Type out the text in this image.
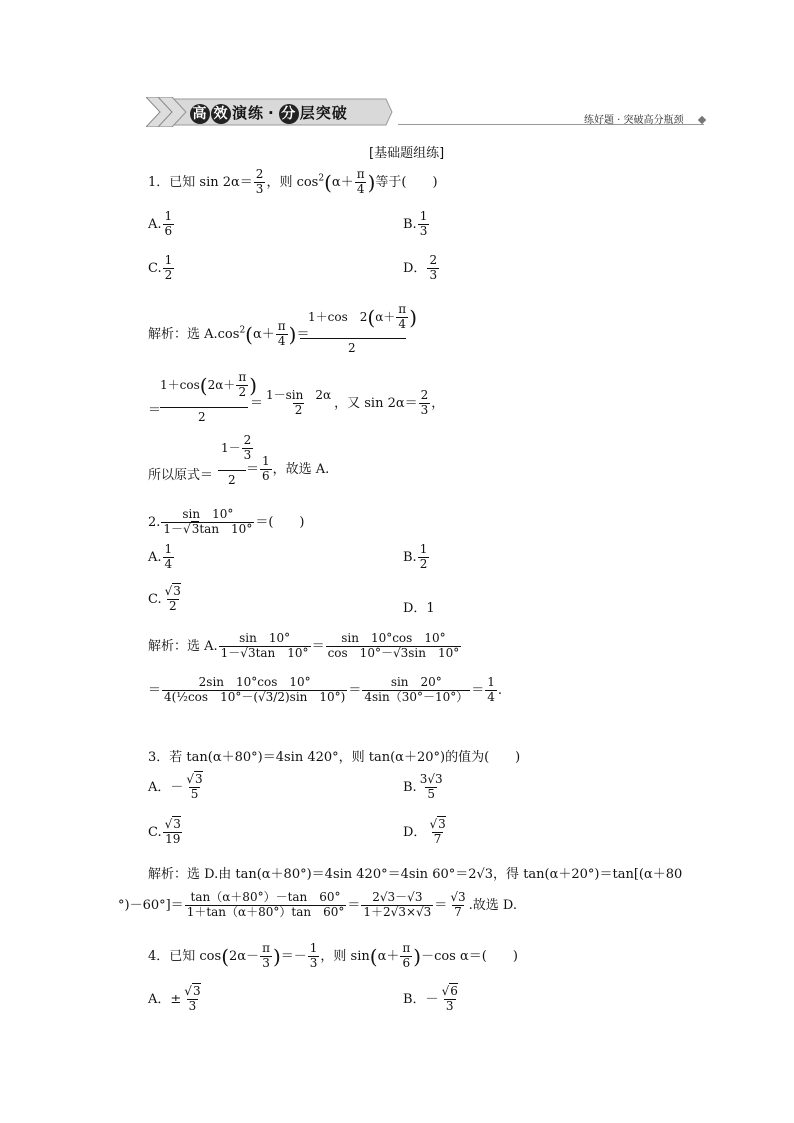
高 效 演练 · 分 层突破	练好题 · 突破高分瓶颈
[基础题组练]
1．已知 $\sin 2\alpha= \frac{2}{3}$ ，则 $\cos^2(\alpha+ \frac{\pi}{4}$ )等于(　　)
A. $\frac{1}{6}$	B. $\frac{1}{3}$
C. $\frac{1}{2}$	D． $\frac{2}{3}$
解析：选 $A.\cos^2(\alpha+ \frac{\pi}{4}$ )＝
1＋cos　$2(\alpha+ \frac{\pi}{4}$ )
2
$1+\cos(2\alpha+ \frac{\pi}{2}$ )
＝	2
＝ $\frac{1-\sin 2\alpha}{2}$ ，又 $\sin 2\alpha= \frac{2}{3}$ ，
所以原式＝
$1- \frac{2}{3}$
2
＝ $\frac{1}{6}$ ，故选 A.
2. $\frac{\sin 10^\circ}{1-√3\tan 10^\circ}$ ＝(　　)
A. $\frac{1}{4}$	B. $\frac{1}{2}$
C. $\frac{√3}{2}$	D．1
解析：选 A. $\frac{\sin 10^\circ}{1-√3\tan 10^\circ} = \frac{\sin 10^\circ\cos 10^\circ}{\cos 10^\circ-√3\sin 10^\circ}$
＝ $\frac{2\sin 10^\circ\cos 10^\circ}{\text{4(½cos　10°－(√3/2)sin　10°)}} = \frac{\sin 20^\circ}{4\sin(30^\circ-10^\circ)} = \frac{1}{4}$ .
3．若 tan(α＋80°)＝4sin 420°，则 tan(α＋20°)的值为(　　)
A．－ $\frac{√3}{5}$	B. $\frac{3√3}{5}$
C. $\frac{√3}{19}$	D． $\frac{√3}{7}$
解析：选 D.由 tan(α＋80°)＝4sin 420°＝4sin 60°＝2√3，得 tan(α＋20°)＝tan[(α＋80
$^\circ)-60^\circ]= \frac{\tan(\alpha+80^\circ)-\tan 60^\circ}{1+\tan(\alpha+80^\circ)\tan 60^\circ} = \frac{2√3-√3}{1+2√3\times√3} = \frac{√3}{7}$ .故选 D.
4．已知 $\cos(2\alpha- \frac{\pi}{3}$ )＝－ $\frac{1}{3}$ ，则 $\sin(\alpha+ \frac{\pi}{6} )-\cos$ α＝(　　)
A．± $\frac{√3}{3}$	B．－ $\frac{√6}{3}$
